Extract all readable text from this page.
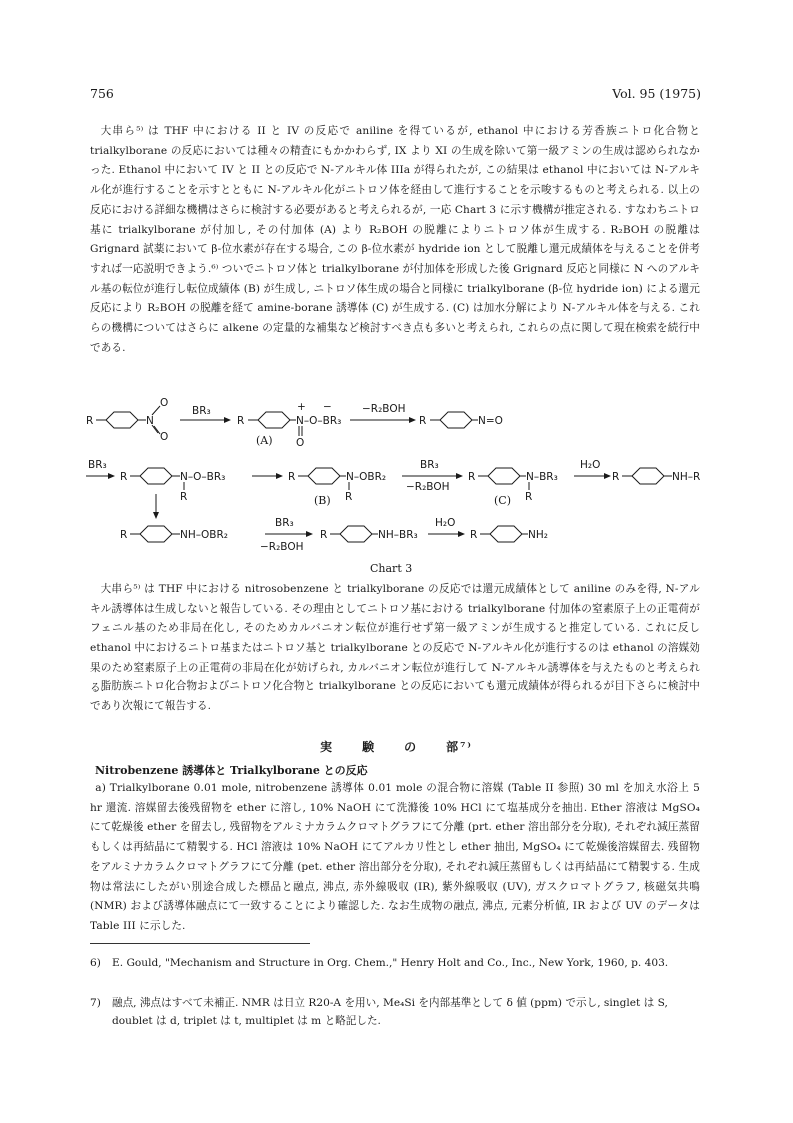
756	Vol. 95 (1975)

大串ら⁵⁾ は THF 中における II と IV の反応で aniline を得ているが, ethanol 中における芳香族ニトロ化合物と trialkylborane の反応においては種々の精査にもかかわらず, IX より XI の生成を除いて第一級アミンの生成は認められなかった. Ethanol 中において IV と II との反応で N-アルキル体 IIIa が得られたが, この結果は ethanol 中においては N-アルキル化が進行することを示すとともに N-アルキル化がニトロソ体を経由して進行することを示唆するものと考えられる. 以上の反応における詳細な機構はさらに検討する必要があると考えられるが, 一応 Chart 3 に示す機構が推定される. すなわちニトロ基に trialkylborane が付加し, その付加体 (A) より R₂BOH の脱離によりニトロソ体が生成する. R₂BOH の脱離は Grignard 試薬において β-位水素が存在する場合, この β-位水素が hydride ion として脱離し還元成績体を与えることを併考すれば一応説明できよう.⁶⁾ ついでニトロソ体と trialkylborane が付加体を形成した後 Grignard 反応と同様に N へのアルキル基の転位が進行し転位成績体 (B) が生成し, ニトロソ体生成の場合と同様に trialkylborane (β-位 hydride ion) による還元反応により R₂BOH の脱離を経て amine-borane 誘導体 (C) が生成する. (C) は加水分解により N-アルキル体を与える. これらの機構についてはさらに alkene の定量的な補集など検討すべき点も多いと考えられ, これらの点に関して現在検索を続行中である.

R	N
O
O
BR₃
R	N–O–BR₃
+ −
O
(A)
−R₂BOH
R	N=O
BR₃
R	N–O–BR₃
R
R	N–OBR₂
R
(B)
BR₃
−R₂BOH
R	N–BR₃
R
(C)
H₂O
R	NH–R
R	NH–OBR₂
BR₃
−R₂BOH
R	NH–BR₃
H₂O
R	NH₂
Chart 3

大串ら⁵⁾ は THF 中における nitrosobenzene と trialkylborane の反応では還元成績体として aniline のみを得, N-アルキル誘導体は生成しないと報告している. その理由としてニトロソ基における trialkylborane 付加体の窒素原子上の正電荷がフェニル基のため非局在化し, そのためカルバニオン転位が進行せず第一級アミンが生成すると推定している. これに反し ethanol 中におけるニトロ基またはニトロソ基と trialkylborane との反応で N-アルキル化が進行するのは ethanol の溶媒効果のため窒素原子上の正電荷の非局在化が妨げられ, カルバニオン転位が進行して N-アルキル誘導体を与えたものと考えられる.

脂肪族ニトロ化合物およびニトロソ化合物と trialkylborane との反応においても還元成績体が得られるが目下さらに検討中であり次報にて報告する.

実 験 の 部⁷⁾
Nitrobenzene 誘導体と Trialkylborane との反応

a) Trialkylborane 0.01 mole, nitrobenzene 誘導体 0.01 mole の混合物に溶媒 (Table II 参照) 30 ml を加え水浴上 5 hr 還流. 溶媒留去後残留物を ether に溶し, 10% NaOH にて洗滌後 10% HCl にて塩基成分を抽出. Ether 溶液は MgSO₄ にて乾燥後 ether を留去し, 残留物をアルミナカラムクロマトグラフにて分離 (prt. ether 溶出部分を分取), それぞれ減圧蒸留もしくは再結晶にて精製する. HCl 溶液は 10% NaOH にてアルカリ性とし ether 抽出, MgSO₄ にて乾燥後溶媒留去. 残留物をアルミナカラムクロマトグラフにて分離 (pet. ether 溶出部分を分取), それぞれ減圧蒸留もしくは再結晶にて精製する. 生成物は常法にしたがい別途合成した標品と融点, 沸点, 赤外線吸収 (IR), 紫外線吸収 (UV), ガスクロマトグラフ, 核磁気共鳴 (NMR) および誘導体融点にて一致することにより確認した. なお生成物の融点, 沸点, 元素分析値, IR および UV のデータは Table III に示した.

6)	E. Gould, "Mechanism and Structure in Org. Chem.," Henry Holt and Co., Inc., New York, 1960, p. 403.
7)	融点, 沸点はすべて未補正. NMR は日立 R20-A を用い, Me₄Si を内部基準として δ 値 (ppm) で示し, singlet は S, doublet は d, triplet は t, multiplet は m と略記した.
